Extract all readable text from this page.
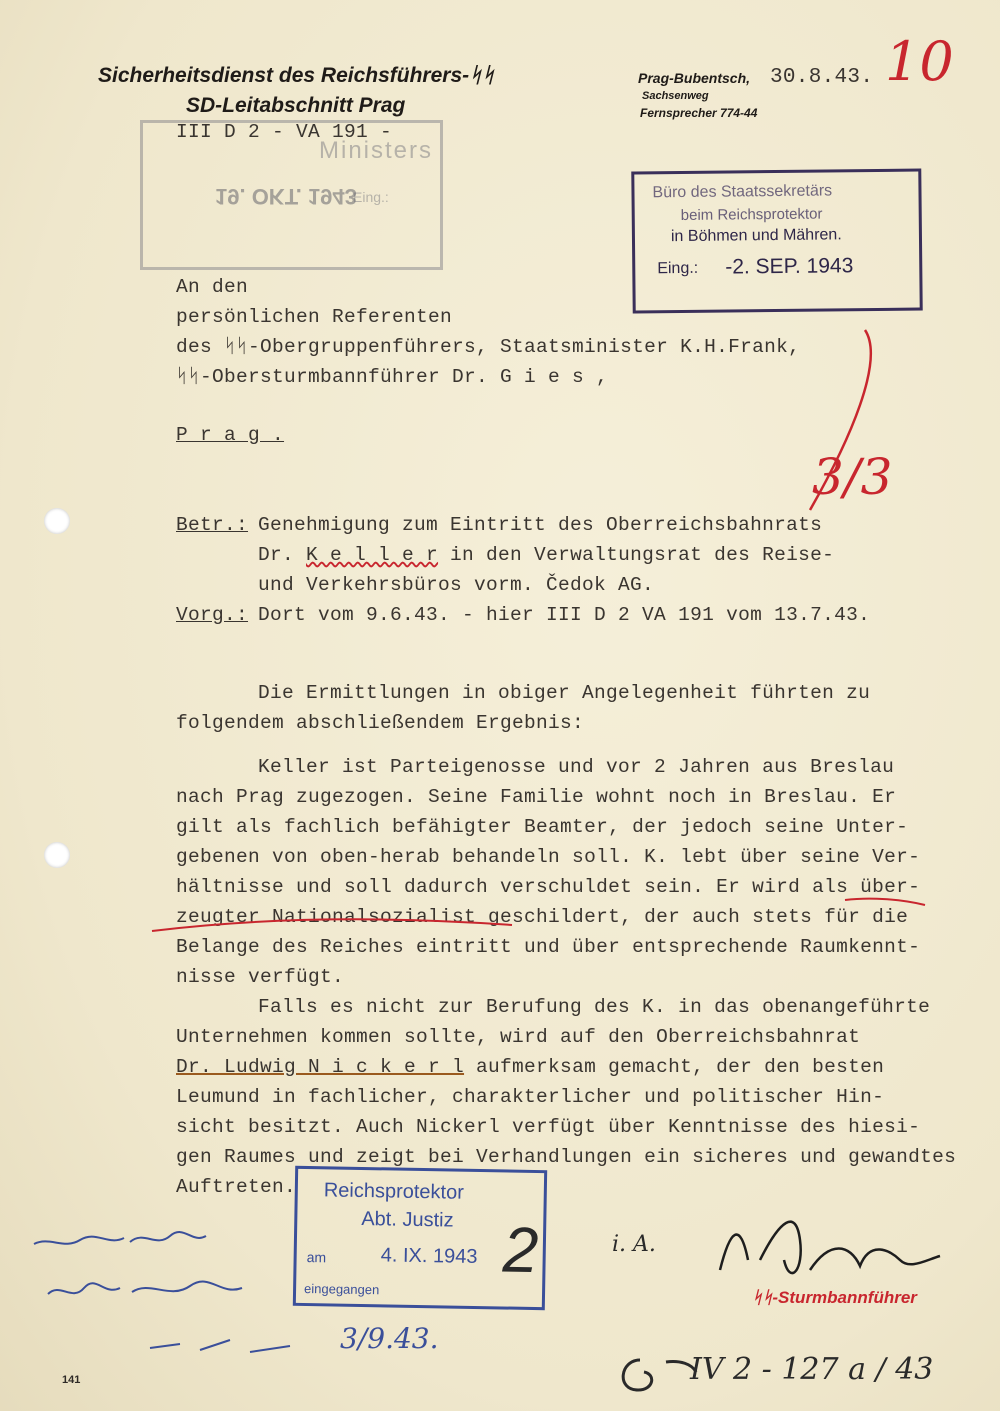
Sicherheitsdienst des Reichsführers-ᛋᛋ
SD-Leitabschnitt Prag
III D 2 - VA 191 -
Prag-Bubentsch,
Sachsenweg
Fernsprecher 774-44
30.8.43. 10
Ministers
Eing.:
19. OKT. 1943	Büro des Staatssekretärs
beim Reichsprotektor
in Böhmen und Mähren.
Eing.: -2. SEP. 1943
An den
persönlichen Referenten
des ᛋᛋ-Obergruppenführers, Staatsminister K.H.Frank,
ᛋᛋ-Obersturmbannführer Dr. G i e s ,
P r a g .
3/3
Betr.: Genehmigung zum Eintritt des Oberreichsbahnrats
Dr. K e l l e r in den Verwaltungsrat des Reise-
und Verkehrsbüros vorm. Čedok AG.
Vorg.: Dort vom 9.6.43. - hier III D 2 VA 191 vom 13.7.43.
Die Ermittlungen in obiger Angelegenheit führten zu
folgendem abschließendem Ergebnis:
Keller ist Parteigenosse und vor 2 Jahren aus Breslau
nach Prag zugezogen. Seine Familie wohnt noch in Breslau. Er
gilt als fachlich befähigter Beamter, der jedoch seine Unter-
gebenen von oben-herab behandeln soll. K. lebt über seine Ver-
hältnisse und soll dadurch verschuldet sein. Er wird als über-
zeugter Nationalsozialist geschildert, der auch stets für die
Belange des Reiches eintritt und über entsprechende Raumkennt-
nisse verfügt.
Falls es nicht zur Berufung des K. in das obenangeführte
Unternehmen kommen sollte, wird auf den Oberreichsbahnrat
Dr. Ludwig N i c k e r l aufmerksam gemacht, der den besten
Leumund in fachlicher, charakterlicher und politischer Hin-
sicht besitzt. Auch Nickerl verfügt über Kenntnisse des hiesi-
gen Raumes und zeigt bei Verhandlungen ein sicheres und gewandtes
Auftreten. Reichsprotektor
Abt. Justiz
am	4. IX. 1943
eingegangen
2
3/9.43.
i. A.
ᛋᛋ-Sturmbannführer
IV 2 - 127 a / 43
141
